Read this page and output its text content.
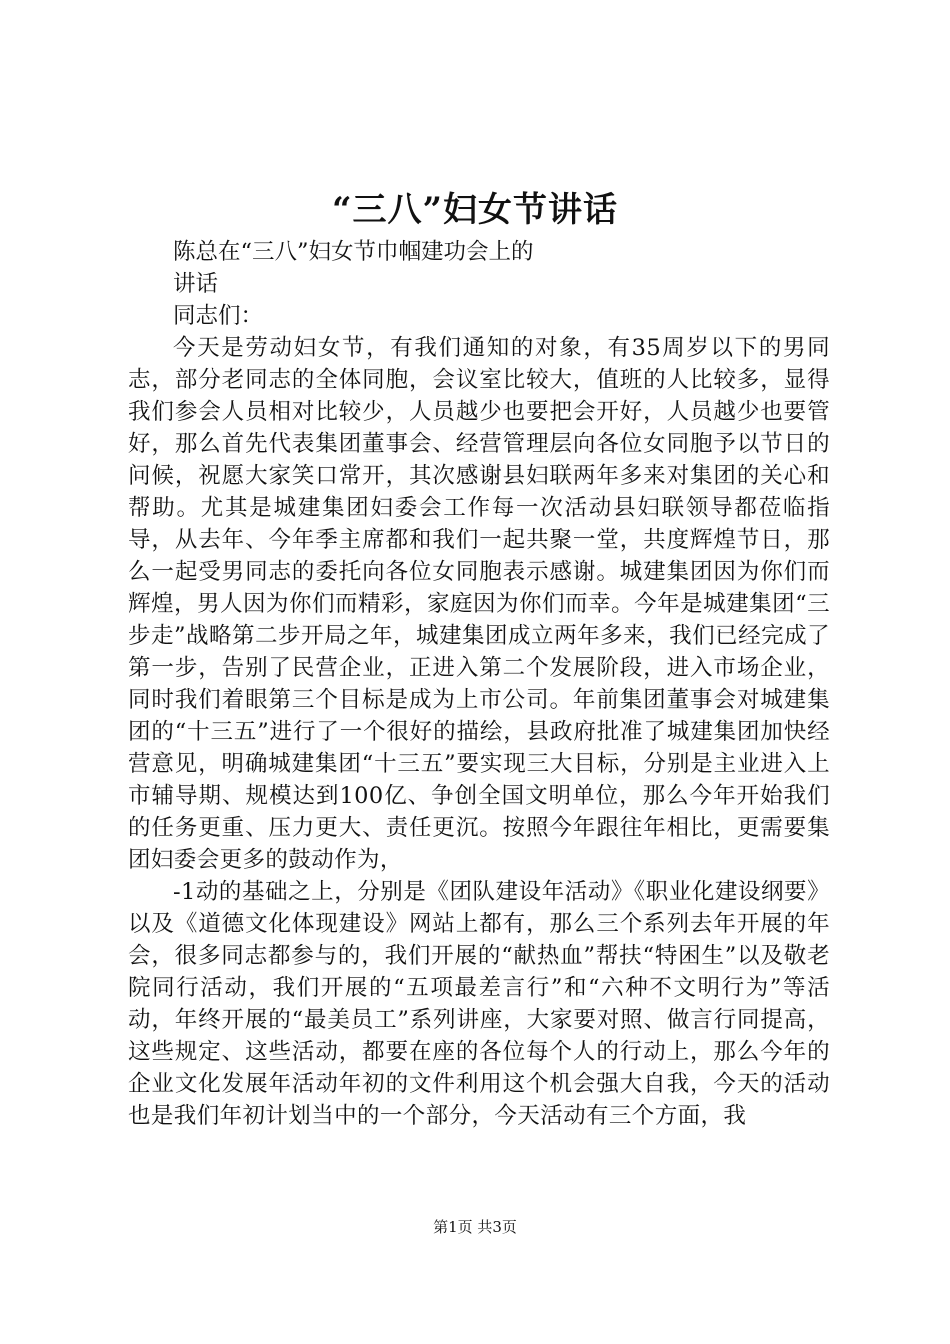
“三八”妇女节讲话

陈总在“三八”妇女节巾帼建功会上的

讲话

同志们：

今天是劳动妇女节，有我们通知的对象，有35周岁以下的男同志，部分老同志的全体同胞，会议室比较大，值班的人比较多，显得我们参会人员相对比较少，人员越少也要把会开好，人员越少也要管好，那么首先代表集团董事会、经营管理层向各位女同胞予以节日的问候，祝愿大家笑口常开，其次感谢县妇联两年多来对集团的关心和帮助。尤其是城建集团妇委会工作每一次活动县妇联领导都莅临指导，从去年、今年季主席都和我们一起共聚一堂，共度辉煌节日，那么一起受男同志的委托向各位女同胞表示感谢。城建集团因为你们而辉煌，男人因为你们而精彩，家庭因为你们而幸。今年是城建集团“三步走”战略第二步开局之年，城建集团成立两年多来，我们已经完成了第一步，告别了民营企业，正进入第二个发展阶段，进入市场企业，同时我们着眼第三个目标是成为上市公司。年前集团董事会对城建集团的“十三五”进行了一个很好的描绘，县政府批准了城建集团加快经营意见，明确城建集团“十三五”要实现三大目标，分别是主业进入上市辅导期、规模达到100亿、争创全国文明单位，那么今年开始我们的任务更重、压力更大、责任更沉。按照今年跟往年相比，更需要集团妇委会更多的鼓动作为，

-1动的基础之上，分别是《团队建设年活动》《职业化建设纲要》以及《道德文化体现建设》网站上都有，那么三个系列去年开展的年会，很多同志都参与的，我们开展的“献热血”帮扶“特困生”以及敬老院同行活动，我们开展的“五项最差言行”和“六种不文明行为”等活动，年终开展的“最美员工”系列讲座，大家要对照、做言行同提高，这些规定、这些活动，都要在座的各位每个人的行动上，那么今年的企业文化发展年活动年初的文件利用这个机会强大自我，今天的活动也是我们年初计划当中的一个部分，今天活动有三个方面，我

第1页 共3页
